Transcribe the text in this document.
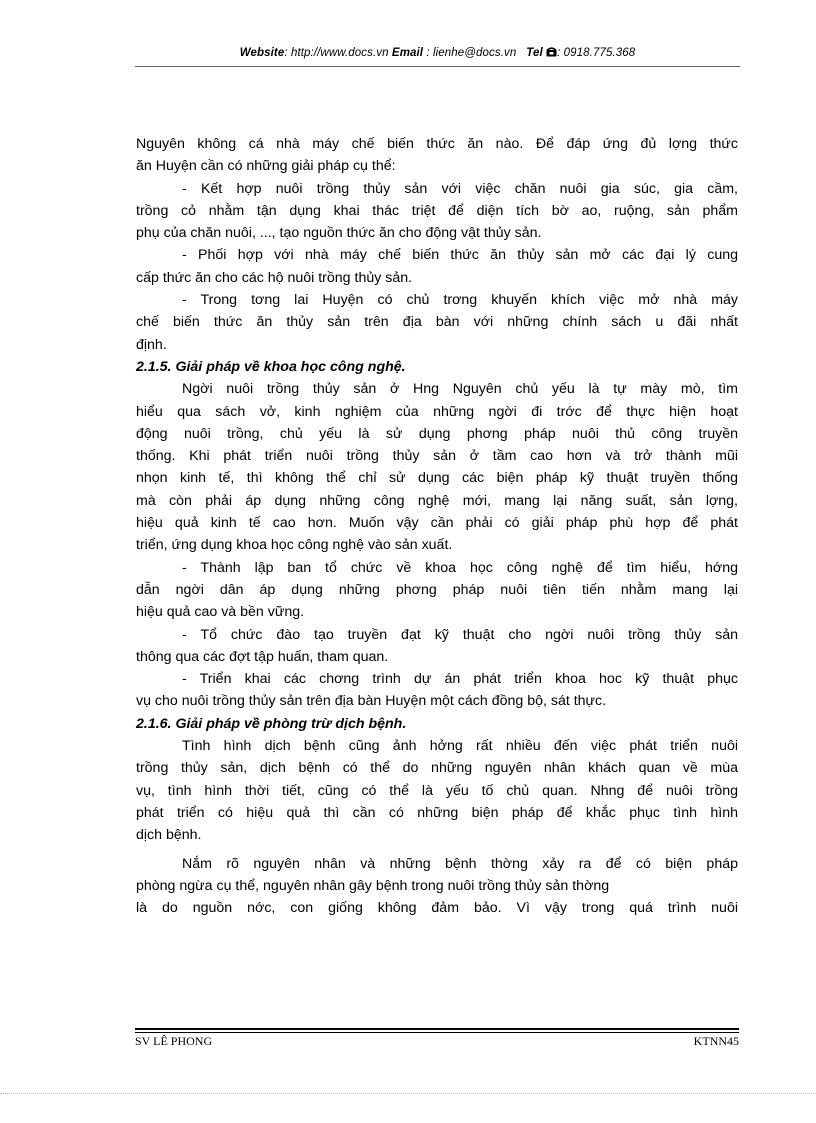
Website: http://www.docs.vn Email : lienhe@docs.vn Tel : 0918.775.368

Nguyên không cá nhà máy chế biến thức ăn nào. Để đáp ứng đủ lợng thức

ăn Huyện cần có những giải pháp cụ thể:

- Kết hợp nuôi trồng thủy sản với việc chăn nuôi gia súc, gia cầm,

trồng cỏ nhằm tận dụng khai thác triệt để diện tích bờ ao, ruộng, sản phẩm

phụ của chăn nuôi, ..., tạo nguồn thức ăn cho động vật thủy sản.

- Phối hợp với nhà máy chế biến thức ăn thủy sản mở các đại lý cung

cấp thức ăn cho các hộ nuôi trồng thủy sản.

- Trong tơng lai Huyện có chủ trơng khuyến khích việc mở nhà máy

chế biến thức ăn thủy sản trên địa bàn với những chính sách u đãi nhất

định.

2.1.5. Giải pháp về khoa học công nghệ.

Ngời nuôi trồng thủy sản ở Hng Nguyên chủ yếu là tự mày mò, tìm

hiểu qua sách vở, kinh nghiệm của những ngời đi trớc để thực hiện hoạt

động nuôi trồng, chủ yếu là sử dụng phơng pháp nuôi thủ công truyền

thống. Khi phát triển nuôi trồng thủy sản ở tầm cao hơn và trở thành mũi

nhọn kinh tế, thì không thể chỉ sử dụng các biện pháp kỹ thuật truyền thống

mà còn phải áp dụng những công nghệ mới, mang lại năng suất, sản lợng,

hiệu quả kinh tế cao hơn. Muốn vậy cần phải có giải pháp phù hợp để phát

triển, ứng dụng khoa học công nghệ vào sản xuất.

- Thành lập ban tổ chức về khoa học công nghệ để tìm hiểu, hớng

dẫn ngời dân áp dụng những phơng pháp nuôi tiên tiến nhằm mang lại

hiệu quả cao và bền vững.

- Tổ chức đào tạo truyền đạt kỹ thuật cho ngời nuôi trồng thủy sản

thông qua các đợt tập huấn, tham quan.

- Triển khai các chơng trình dự án phát triển khoa hoc kỹ thuật phục

vụ cho nuôi trồng thủy sản trên địa bàn Huyện một cách đồng bộ, sát thực.

2.1.6. Giải pháp về phòng trừ dịch bệnh.

Tình hình dịch bệnh cũng ảnh hởng rất nhiều đến việc phát triển nuôi

trồng thủy sản, dịch bệnh có thể do những nguyên nhân khách quan về mùa

vụ, tình hình thời tiết, cũng có thể là yếu tố chủ quan. Nhng để nuôi trồng

phát triển có hiệu quả thì cần có những biện pháp để khắc phục tình hình

dịch bệnh.

Nắm rõ nguyên nhân và những bệnh thờng xảy ra để có biện pháp

phòng ngừa cụ thể, nguyên nhân gây bệnh trong nuôi trồng thủy sản thờng

là do nguồn nớc, con giống không đảm bảo. Vì vậy trong quá trình nuôi

SV LÊ PHONG	KTNN45
